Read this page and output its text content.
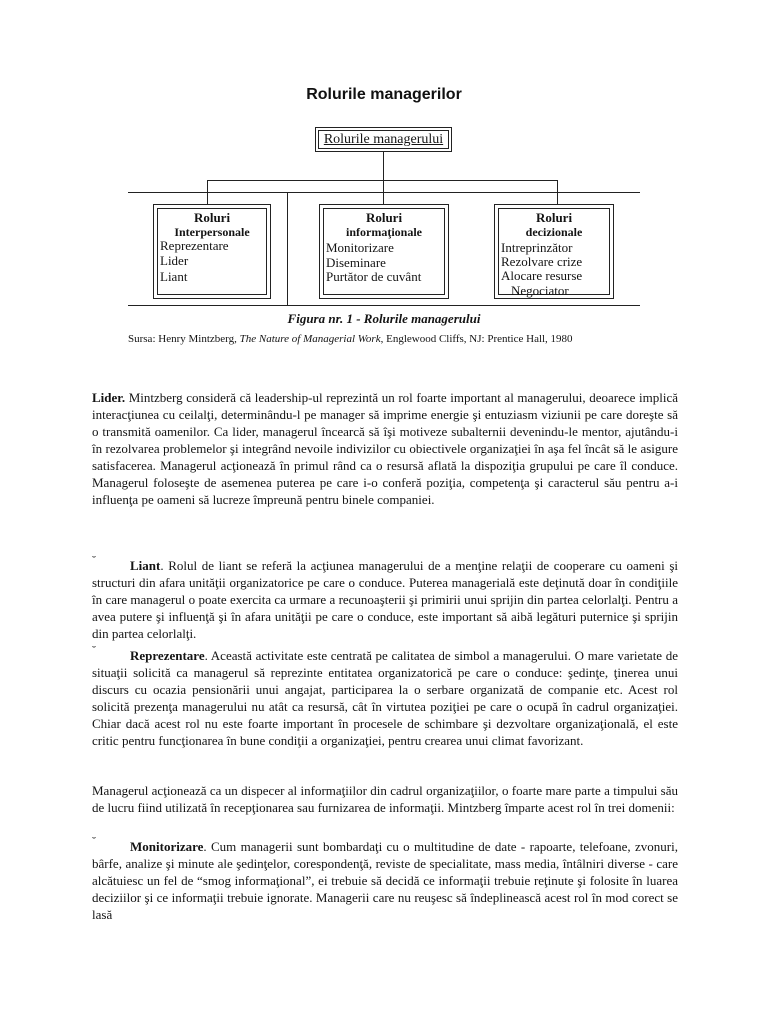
Rolurile managerilor
Rolurile managerului
Roluri
Interpersonale
Reprezentare
Lider
Liant
Roluri
informaţionale
Monitorizare
Diseminare
Purtător de cuvânt
Roluri
decizionale
Intreprinzător
Rezolvare crize
Alocare resurse
Negociator
Figura nr. 1 - Rolurile managerului
Sursa: Henry Mintzberg, The Nature of Managerial Work, Englewood Cliffs, NJ: Prentice Hall, 1980

Lider. Mintzberg consideră că leadership-ul reprezintă un rol foarte important al managerului, deoarece implică interacţiunea cu ceilalţi, determinându-l pe manager să imprime energie şi entuziasm viziunii pe care doreşte să o transmită oamenilor. Ca lider, managerul încearcă să îşi motiveze subalternii devenindu-le mentor, ajutându-i în rezolvarea problemelor şi integrând nevoile indivizilor cu obiectivele organizaţiei în aşa fel încât să le asigure satisfacerea. Managerul acţionează în primul rând ca o resursă aflată la dispoziţia grupului pe care îl conduce. Managerul foloseşte de asemenea puterea pe care i-o conferă poziţia, competenţa şi caracterul său pentru a-i influenţa pe oameni să lucreze împreună pentru binele companiei.

˘	Liant. Rolul de liant se referă la acţiunea managerului de a menţine relaţii de cooperare cu oameni şi structuri din afara unităţii organizatorice pe care o conduce. Puterea managerială este deţinută doar în condiţiile în care managerul o poate exercita ca urmare a recunoaşterii şi primirii unui sprijin din partea celorlalţi. Pentru a avea putere şi influenţă şi în afara unităţii pe care o conduce, este important să aibă legături puternice şi sprijin din partea celorlalţi.

˘	Reprezentare. Această activitate este centrată pe calitatea de simbol a managerului. O mare varietate de situaţii solicită ca managerul să reprezinte entitatea organizatorică pe care o conduce: şedinţe, ţinerea unui discurs cu ocazia pensionării unui angajat, participarea la o serbare organizată de companie etc. Acest rol solicită prezenţa managerului nu atât ca resursă, cât în virtutea poziţiei pe care o ocupă în cadrul organizaţiei. Chiar dacă acest rol nu este foarte important în procesele de schimbare şi dezvoltare organizaţională, el este critic pentru funcţionarea în bune condiţii a organizaţiei, pentru crearea unui climat favorizant.

Managerul acţionează ca un dispecer al informaţiilor din cadrul organizaţiilor, o foarte mare parte a timpului său de lucru fiind utilizată în recepţionarea sau furnizarea de informaţii. Mintzberg împarte acest rol în trei domenii:

˘	Monitorizare. Cum managerii sunt bombardaţi cu o multitudine de date - rapoarte, telefoane, zvonuri, bârfe, analize şi minute ale şedinţelor, corespondenţă, reviste de specialitate, mass media, întâlniri diverse - care alcătuiesc un fel de “smog informaţional”, ei trebuie să decidă ce informaţii trebuie reţinute şi folosite în luarea deciziilor şi ce informaţii trebuie ignorate. Managerii care nu reuşesc să îndeplinească acest rol în mod corect se lasă
